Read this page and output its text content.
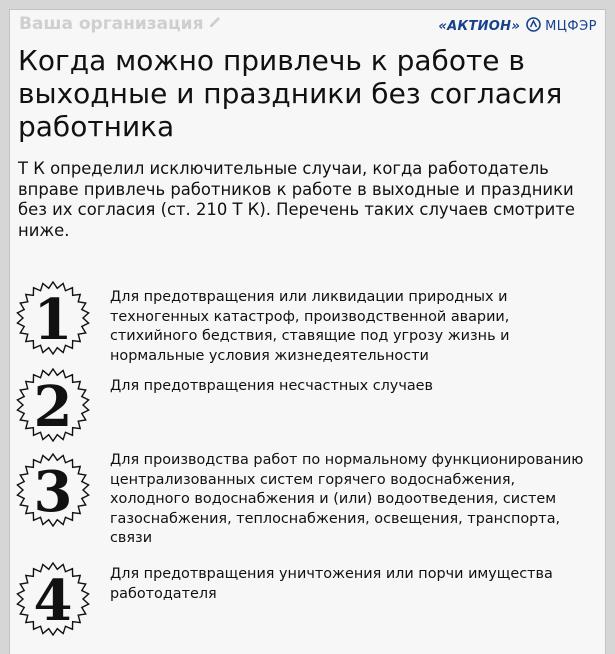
Ваша организация	«АКТИОН» МЦФЭР
Когда можно привлечь к работе в выходные и праздники без согласия работника

Т К определил исключительные случаи, когда работодатель вправе привлечь работников к работе в выходные и праздники без их согласия (ст. 210 Т К). Перечень таких случаев смотрите ниже.

1	Для предотвращения или ликвидации природных и техногенных катастроф, производственной аварии, стихийного бедствия, ставящие под угрозу жизнь и нормальные условия жизнедеятельности

2	Для предотвращения несчастных случаев

3	Для производства работ по нормальному функционированию централизованных систем горячего водоснабжения, холодного водоснабжения и (или) водоотведения, систем газоснабжения, теплоснабжения, освещения, транспорта, связи

4	Для предотвращения уничтожения или порчи имущества работодателя
